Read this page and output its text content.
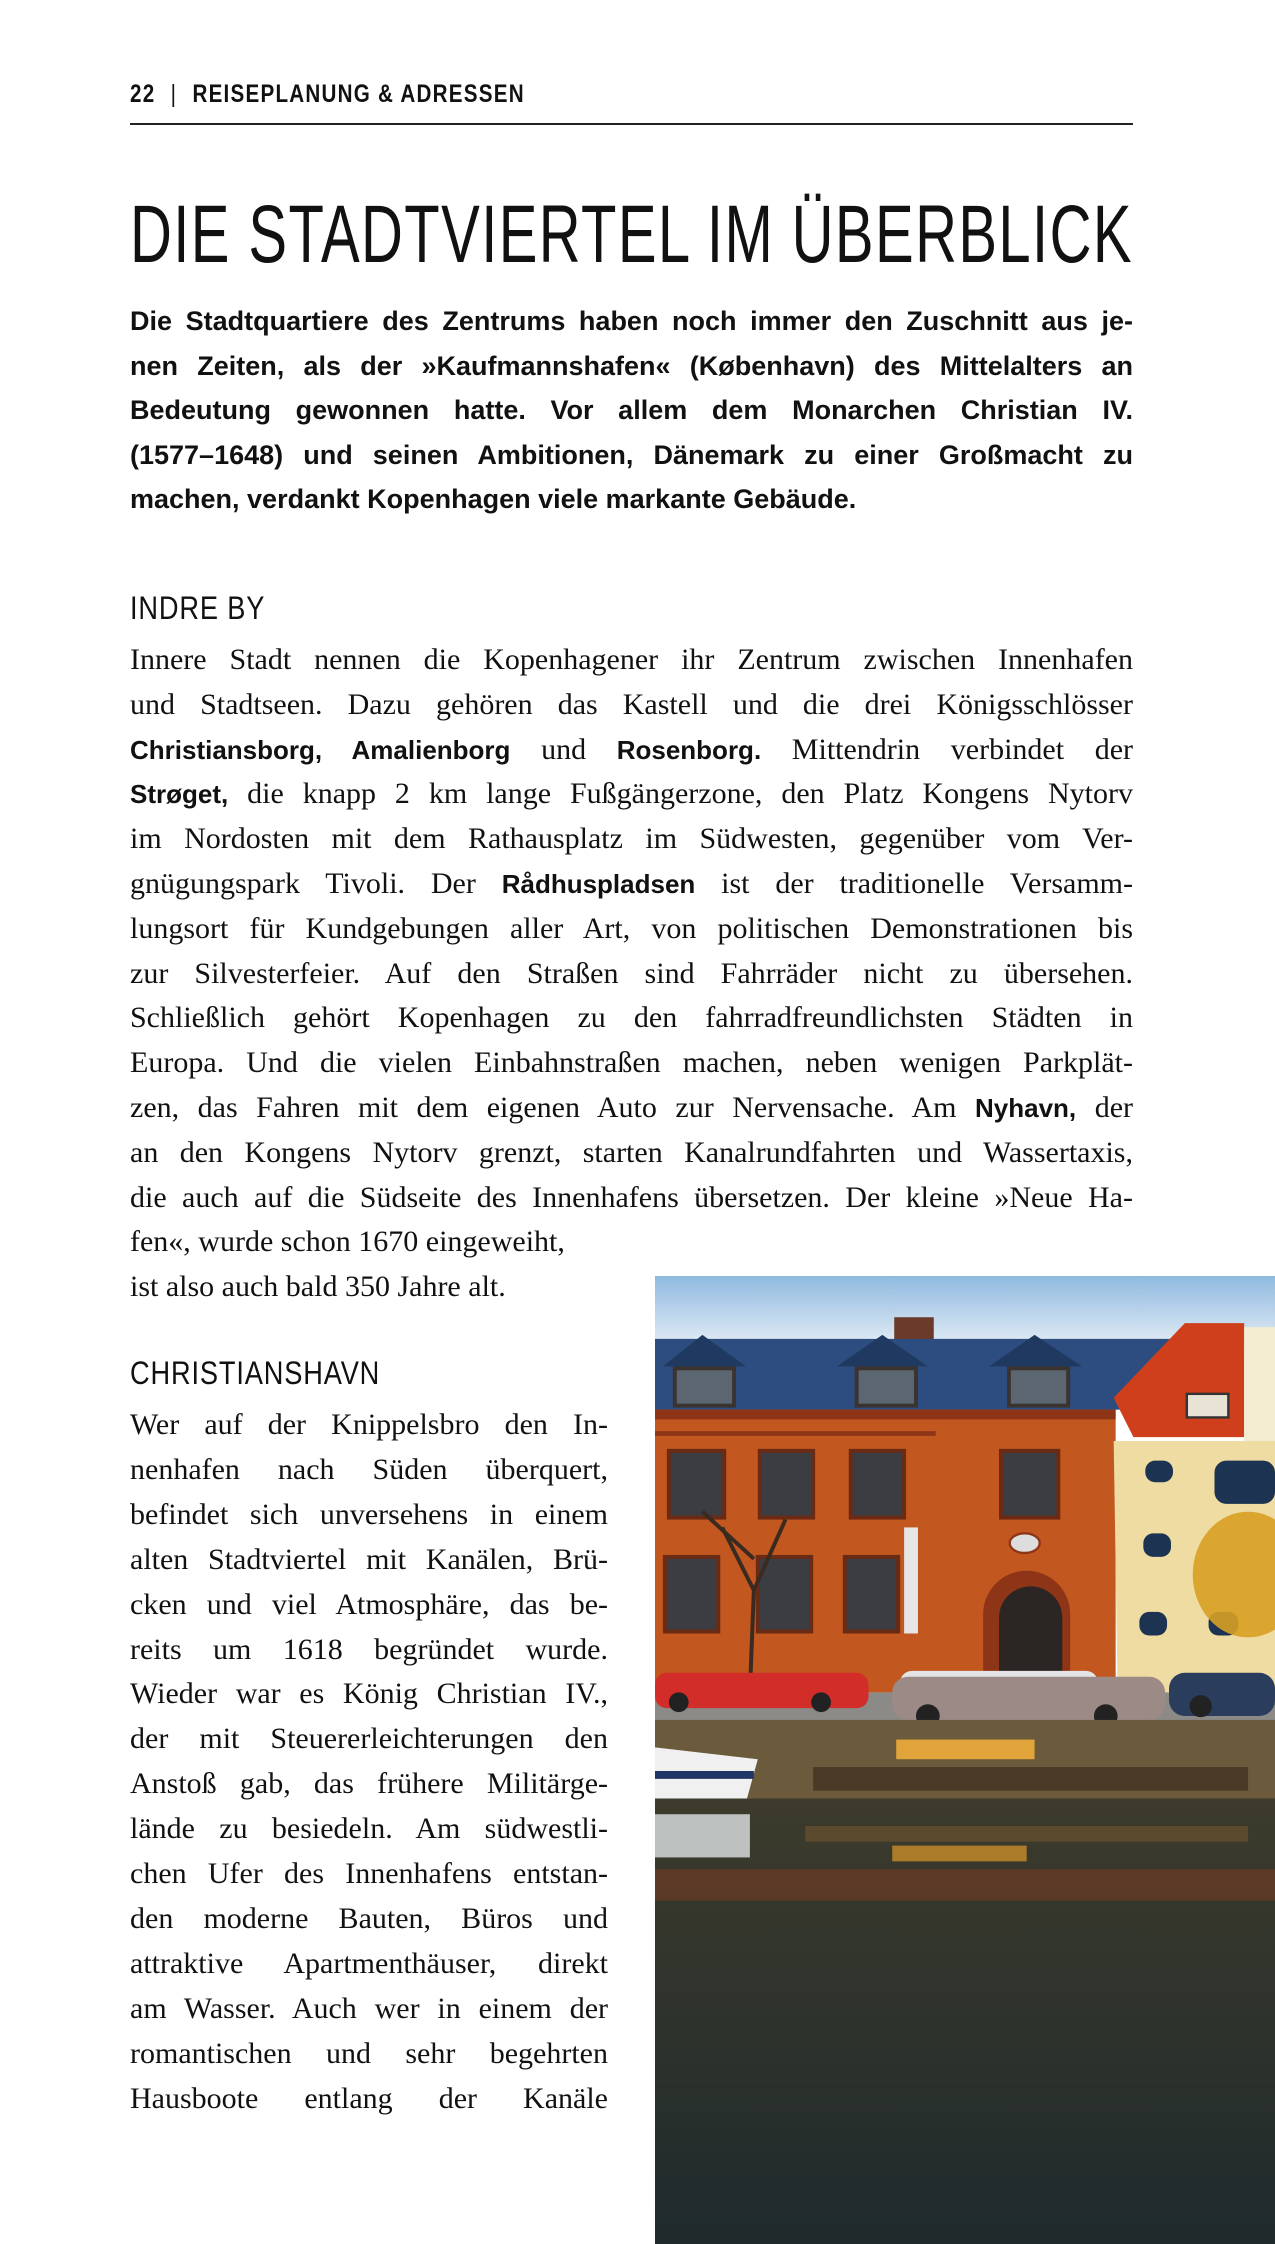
22 | REISEPLANUNG & ADRESSEN
DIE STADTVIERTEL IM ÜBERBLICK
Die Stadtquartiere des Zentrums haben noch immer den Zuschnitt aus je-
nen Zeiten, als der »Kaufmannshafen« (København) des Mittelalters an
Bedeutung gewonnen hatte. Vor allem dem Monarchen Christian IV.
(1577–1648) und seinen Ambitionen, Dänemark zu einer Großmacht zu
machen, verdankt Kopenhagen viele markante Gebäude.
INDRE BY
Innere Stadt nennen die Kopenhagener ihr Zentrum zwischen Innenhafen
und Stadtseen. Dazu gehören das Kastell und die drei Königsschlösser
Christiansborg, Amalienborg und Rosenborg. Mittendrin verbindet der
Strøget, die knapp 2 km lange Fußgängerzone, den Platz Kongens Nytorv
im Nordosten mit dem Rathausplatz im Südwesten, gegenüber vom Ver-
gnügungspark Tivoli. Der Rådhuspladsen ist der traditionelle Versamm-
lungsort für Kundgebungen aller Art, von politischen Demonstrationen bis
zur Silvesterfeier. Auf den Straßen sind Fahrräder nicht zu übersehen.
Schließlich gehört Kopenhagen zu den fahrradfreundlichsten Städten in
Europa. Und die vielen Einbahnstraßen machen, neben wenigen Parkplät-
zen, das Fahren mit dem eigenen Auto zur Nervensache. Am Nyhavn, der
an den Kongens Nytorv grenzt, starten Kanalrundfahrten und Wassertaxis,
die auch auf die Südseite des Innenhafens übersetzen. Der kleine »Neue Ha-
fen«, wurde schon 1670 eingeweiht,
ist also auch bald 350 Jahre alt.
CHRISTIANSHAVN
Wer auf der Knippelsbro den In-
nenhafen nach Süden überquert,
befindet sich unversehens in einem
alten Stadtviertel mit Kanälen, Brü-
cken und viel Atmosphäre, das be-
reits um 1618 begründet wurde.
Wieder war es König Christian IV.,
der mit Steuererleichterungen den
Anstoß gab, das frühere Militärge-
lände zu besiedeln. Am südwestli-
chen Ufer des Innenhafens entstan-
den moderne Bauten, Büros und
attraktive Apartmenthäuser, direkt
am Wasser. Auch wer in einem der
romantischen und sehr begehrten
Hausboote entlang der Kanäle
